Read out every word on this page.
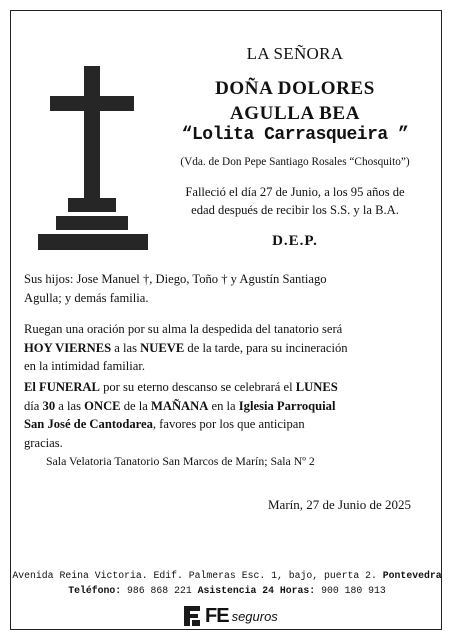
LA SEÑORA
DOÑA DOLORES
AGULLA BEA
“Lolita Carrasqueira ”
(Vda. de Don Pepe Santiago Rosales “Chosquito”)
Falleció el día 27 de Junio, a los 95 años de
edad después de recibir los S.S. y la B.A.
D.E.P.
Sus hijos: Jose Manuel †, Diego, Toño † y Agustín Santiago
Agulla; y demás familia.
Ruegan una oración por su alma la despedida del tanatorio será
HOY VIERNES a las NUEVE de la tarde, para su incineración
en la intimidad familiar.
El FUNERAL por su eterno descanso se celebrará el LUNES
día 30 a las ONCE de la MAÑANA en la Iglesia Parroquial
San José de Cantodarea, favores por los que anticipan
gracias.
Sala Velatoria Tanatorio San Marcos de Marín; Sala Nº 2
Marín, 27 de Junio de 2025
Avenida Reina Victoria. Edif. Palmeras Esc. 1, bajo, puerta 2. Pontevedra
Teléfono: 986 868 221 Asistencia 24 Horas: 900 180 913
FE seguros
